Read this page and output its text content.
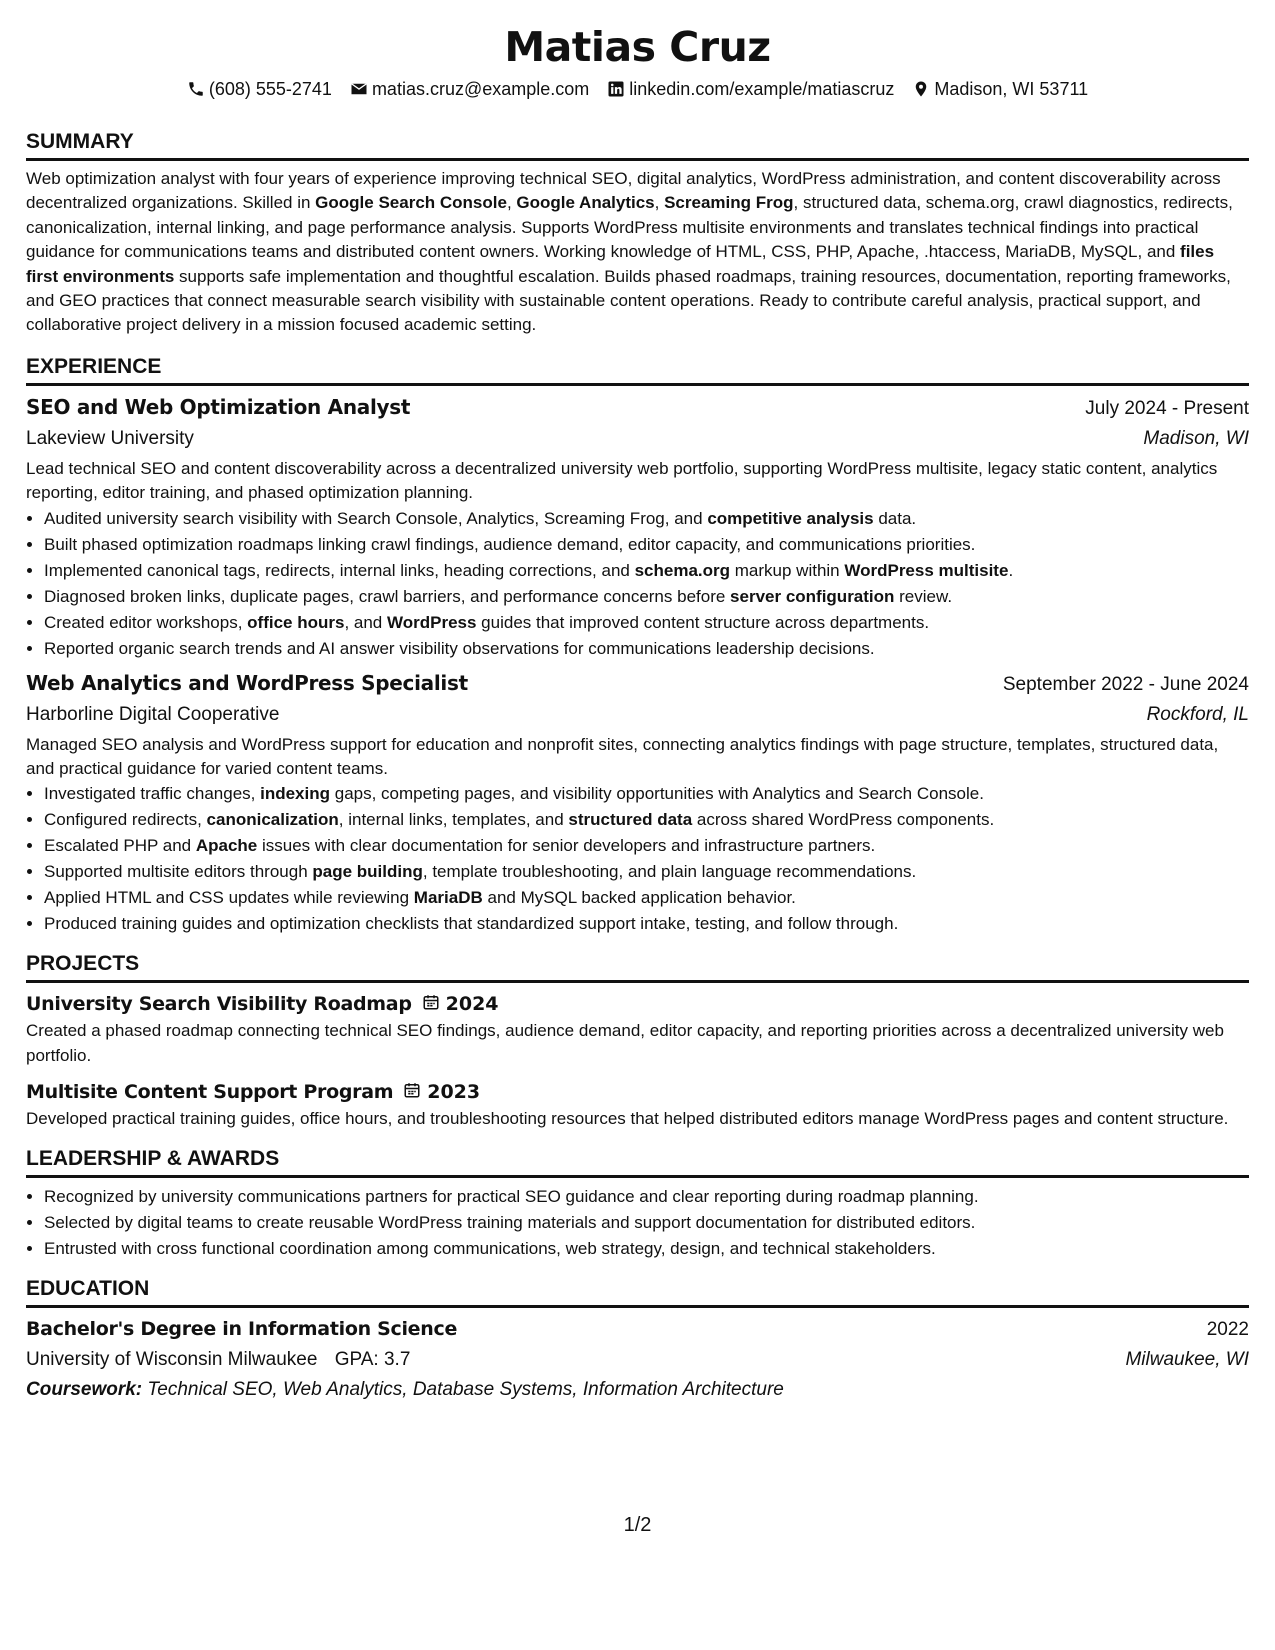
Matias Cruz
(608) 555-2741 matias.cruz@example.com linkedin.com/example/matiascruz Madison, WI 53711
SUMMARY
Web optimization analyst with four years of experience improving technical SEO, digital analytics, WordPress administration, and content discoverability across decentralized organizations. Skilled in Google Search Console, Google Analytics, Screaming Frog, structured data, schema.org, crawl diagnostics, redirects, canonicalization, internal linking, and page performance analysis. Supports WordPress multisite environments and translates technical findings into practical guidance for communications teams and distributed content owners. Working knowledge of HTML, CSS, PHP, Apache, .htaccess, MariaDB, MySQL, and files first environments supports safe implementation and thoughtful escalation. Builds phased roadmaps, training resources, documentation, reporting frameworks, and GEO practices that connect measurable search visibility with sustainable content operations. Ready to contribute careful analysis, practical support, and collaborative project delivery in a mission focused academic setting.
EXPERIENCE
SEO and Web Optimization Analyst	July 2024 - Present
Lakeview University	Madison, WI
Lead technical SEO and content discoverability across a decentralized university web portfolio, supporting WordPress multisite, legacy static content, analytics reporting, editor training, and phased optimization planning.
• Audited university search visibility with Search Console, Analytics, Screaming Frog, and competitive analysis data.
• Built phased optimization roadmaps linking crawl findings, audience demand, editor capacity, and communications priorities.
• Implemented canonical tags, redirects, internal links, heading corrections, and schema.org markup within WordPress multisite.
• Diagnosed broken links, duplicate pages, crawl barriers, and performance concerns before server configuration review.
• Created editor workshops, office hours, and WordPress guides that improved content structure across departments.
• Reported organic search trends and AI answer visibility observations for communications leadership decisions.
Web Analytics and WordPress Specialist	September 2022 - June 2024
Harborline Digital Cooperative	Rockford, IL
Managed SEO analysis and WordPress support for education and nonprofit sites, connecting analytics findings with page structure, templates, structured data, and practical guidance for varied content teams.
• Investigated traffic changes, indexing gaps, competing pages, and visibility opportunities with Analytics and Search Console.
• Configured redirects, canonicalization, internal links, templates, and structured data across shared WordPress components.
• Escalated PHP and Apache issues with clear documentation for senior developers and infrastructure partners.
• Supported multisite editors through page building, template troubleshooting, and plain language recommendations.
• Applied HTML and CSS updates while reviewing MariaDB and MySQL backed application behavior.
• Produced training guides and optimization checklists that standardized support intake, testing, and follow through.
PROJECTS
University Search Visibility Roadmap 2024
Created a phased roadmap connecting technical SEO findings, audience demand, editor capacity, and reporting priorities across a decentralized university web portfolio.
Multisite Content Support Program 2023
Developed practical training guides, office hours, and troubleshooting resources that helped distributed editors manage WordPress pages and content structure.
LEADERSHIP & AWARDS
• Recognized by university communications partners for practical SEO guidance and clear reporting during roadmap planning.
• Selected by digital teams to create reusable WordPress training materials and support documentation for distributed editors.
• Entrusted with cross functional coordination among communications, web strategy, design, and technical stakeholders.
EDUCATION
Bachelor's Degree in Information Science	2022
University of Wisconsin Milwaukee GPA: 3.7	Milwaukee, WI
Coursework: Technical SEO, Web Analytics, Database Systems, Information Architecture
1/2
